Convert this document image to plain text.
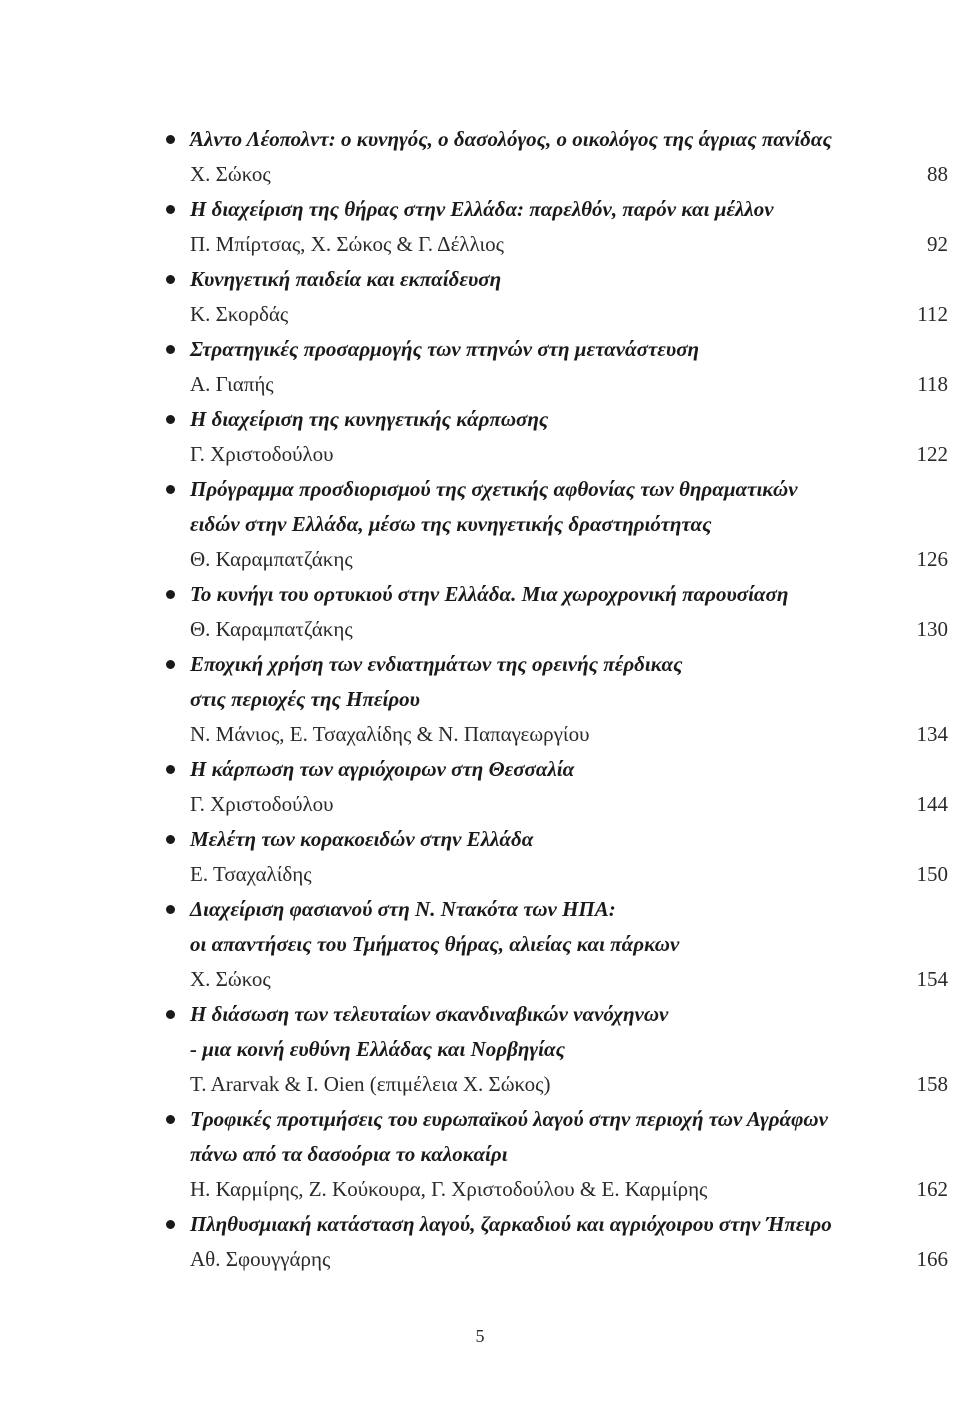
Άλντο Λέοπολντ: ο κυνηγός, ο δασολόγος, ο οικολόγος της άγριας πανίδας
Χ. Σώκος	88
Η διαχείριση της θήρας στην Ελλάδα: παρελθόν, παρόν και μέλλον
Π. Μπίρτσας, Χ. Σώκος & Γ. Δέλλιος	92
Κυνηγετική παιδεία και εκπαίδευση
Κ. Σκορδάς	112
Στρατηγικές προσαρμογής των πτηνών στη μετανάστευση
Α. Γιαπής	118
Η διαχείριση της κυνηγετικής κάρπωσης
Γ. Χριστοδούλου	122
Πρόγραμμα προσδιορισμού της σχετικής αφθονίας των θηραματικών
ειδών στην Ελλάδα, μέσω της κυνηγετικής δραστηριότητας
Θ. Καραμπατζάκης	126
Το κυνήγι του ορτυκιού στην Ελλάδα. Μια χωροχρονική παρουσίαση
Θ. Καραμπατζάκης	130
Εποχική χρήση των ενδιατημάτων της ορεινής πέρδικας
στις περιοχές της Ηπείρου
Ν. Μάνιος, Ε. Τσαχαλίδης & Ν. Παπαγεωργίου	134
Η κάρπωση των αγριόχοιρων στη Θεσσαλία
Γ. Χριστοδούλου	144
Μελέτη των κορακοειδών στην Ελλάδα
Ε. Τσαχαλίδης	150
Διαχείριση φασιανού στη Ν. Ντακότα των ΗΠΑ:
οι απαντήσεις του Τμήματος θήρας, αλιείας και πάρκων
Χ. Σώκος	154
Η διάσωση των τελευταίων σκανδιναβικών νανόχηνων
- μια κοινή ευθύνη Ελλάδας και Νορβηγίας
T. Ararvak & I. Oien (επιμέλεια Χ. Σώκος)	158
Τροφικές προτιμήσεις του ευρωπαϊκού λαγού στην περιοχή των Αγράφων
πάνω από τα δασοόρια το καλοκαίρι
Η. Καρμίρης, Ζ. Κούκουρα, Γ. Χριστοδούλου & Ε. Καρμίρης	162
Πληθυσμιακή κατάσταση λαγού, ζαρκαδιού και αγριόχοιρου στην Ήπειρο
Αθ. Σφουγγάρης	166
5
